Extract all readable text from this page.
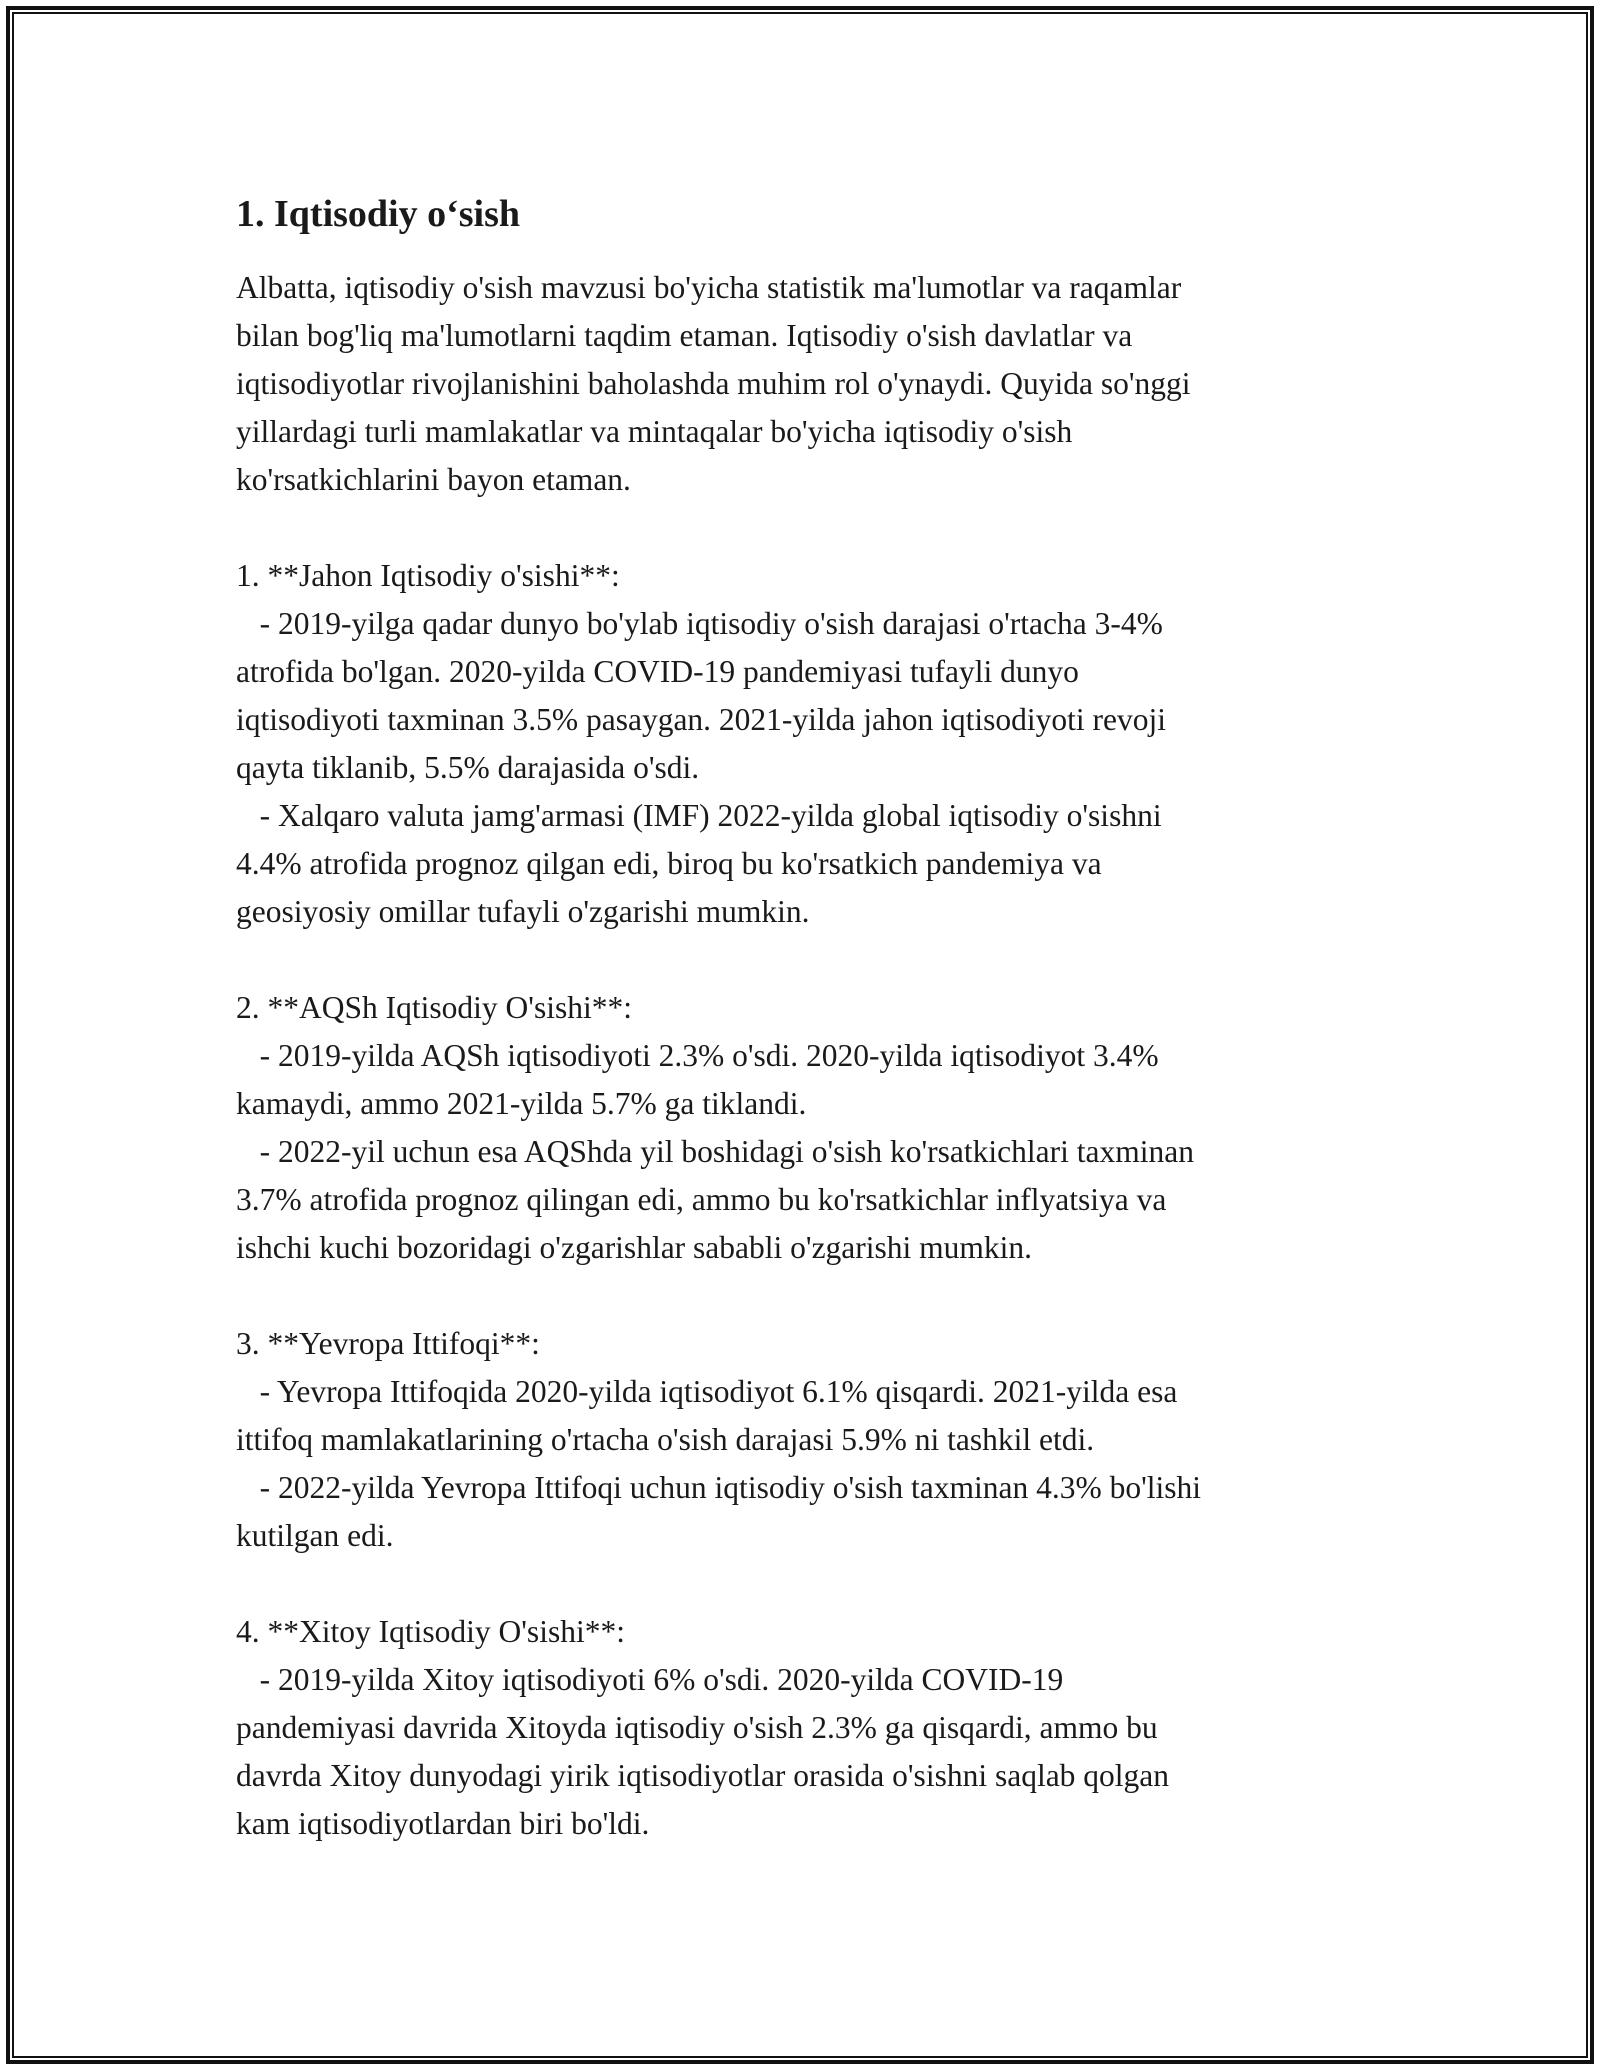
1. Iqtisodiy o‘sish
Albatta, iqtisodiy o'sish mavzusi bo'yicha statistik ma'lumotlar va raqamlar
bilan bog'liq ma'lumotlarni taqdim etaman. Iqtisodiy o'sish davlatlar va
iqtisodiyotlar rivojlanishini baholashda muhim rol o'ynaydi. Quyida so'nggi
yillardagi turli mamlakatlar va mintaqalar bo'yicha iqtisodiy o'sish
ko'rsatkichlarini bayon etaman.
1. **Jahon Iqtisodiy o'sishi**:
- 2019-yilga qadar dunyo bo'ylab iqtisodiy o'sish darajasi o'rtacha 3-4%
atrofida bo'lgan. 2020-yilda COVID-19 pandemiyasi tufayli dunyo
iqtisodiyoti taxminan 3.5% pasaygan. 2021-yilda jahon iqtisodiyoti revoji
qayta tiklanib, 5.5% darajasida o'sdi.
- Xalqaro valuta jamg'armasi (IMF) 2022-yilda global iqtisodiy o'sishni
4.4% atrofida prognoz qilgan edi, biroq bu ko'rsatkich pandemiya va
geosiyosiy omillar tufayli o'zgarishi mumkin.
2. **AQSh Iqtisodiy O'sishi**:
- 2019-yilda AQSh iqtisodiyoti 2.3% o'sdi. 2020-yilda iqtisodiyot 3.4%
kamaydi, ammo 2021-yilda 5.7% ga tiklandi.
- 2022-yil uchun esa AQShda yil boshidagi o'sish ko'rsatkichlari taxminan
3.7% atrofida prognoz qilingan edi, ammo bu ko'rsatkichlar inflyatsiya va
ishchi kuchi bozoridagi o'zgarishlar sababli o'zgarishi mumkin.
3. **Yevropa Ittifoqi**:
- Yevropa Ittifoqida 2020-yilda iqtisodiyot 6.1% qisqardi. 2021-yilda esa
ittifoq mamlakatlarining o'rtacha o'sish darajasi 5.9% ni tashkil etdi.
- 2022-yilda Yevropa Ittifoqi uchun iqtisodiy o'sish taxminan 4.3% bo'lishi
kutilgan edi.
4. **Xitoy Iqtisodiy O'sishi**:
- 2019-yilda Xitoy iqtisodiyoti 6% o'sdi. 2020-yilda COVID-19
pandemiyasi davrida Xitoyda iqtisodiy o'sish 2.3% ga qisqardi, ammo bu
davrda Xitoy dunyodagi yirik iqtisodiyotlar orasida o'sishni saqlab qolgan
kam iqtisodiyotlardan biri bo'ldi.
